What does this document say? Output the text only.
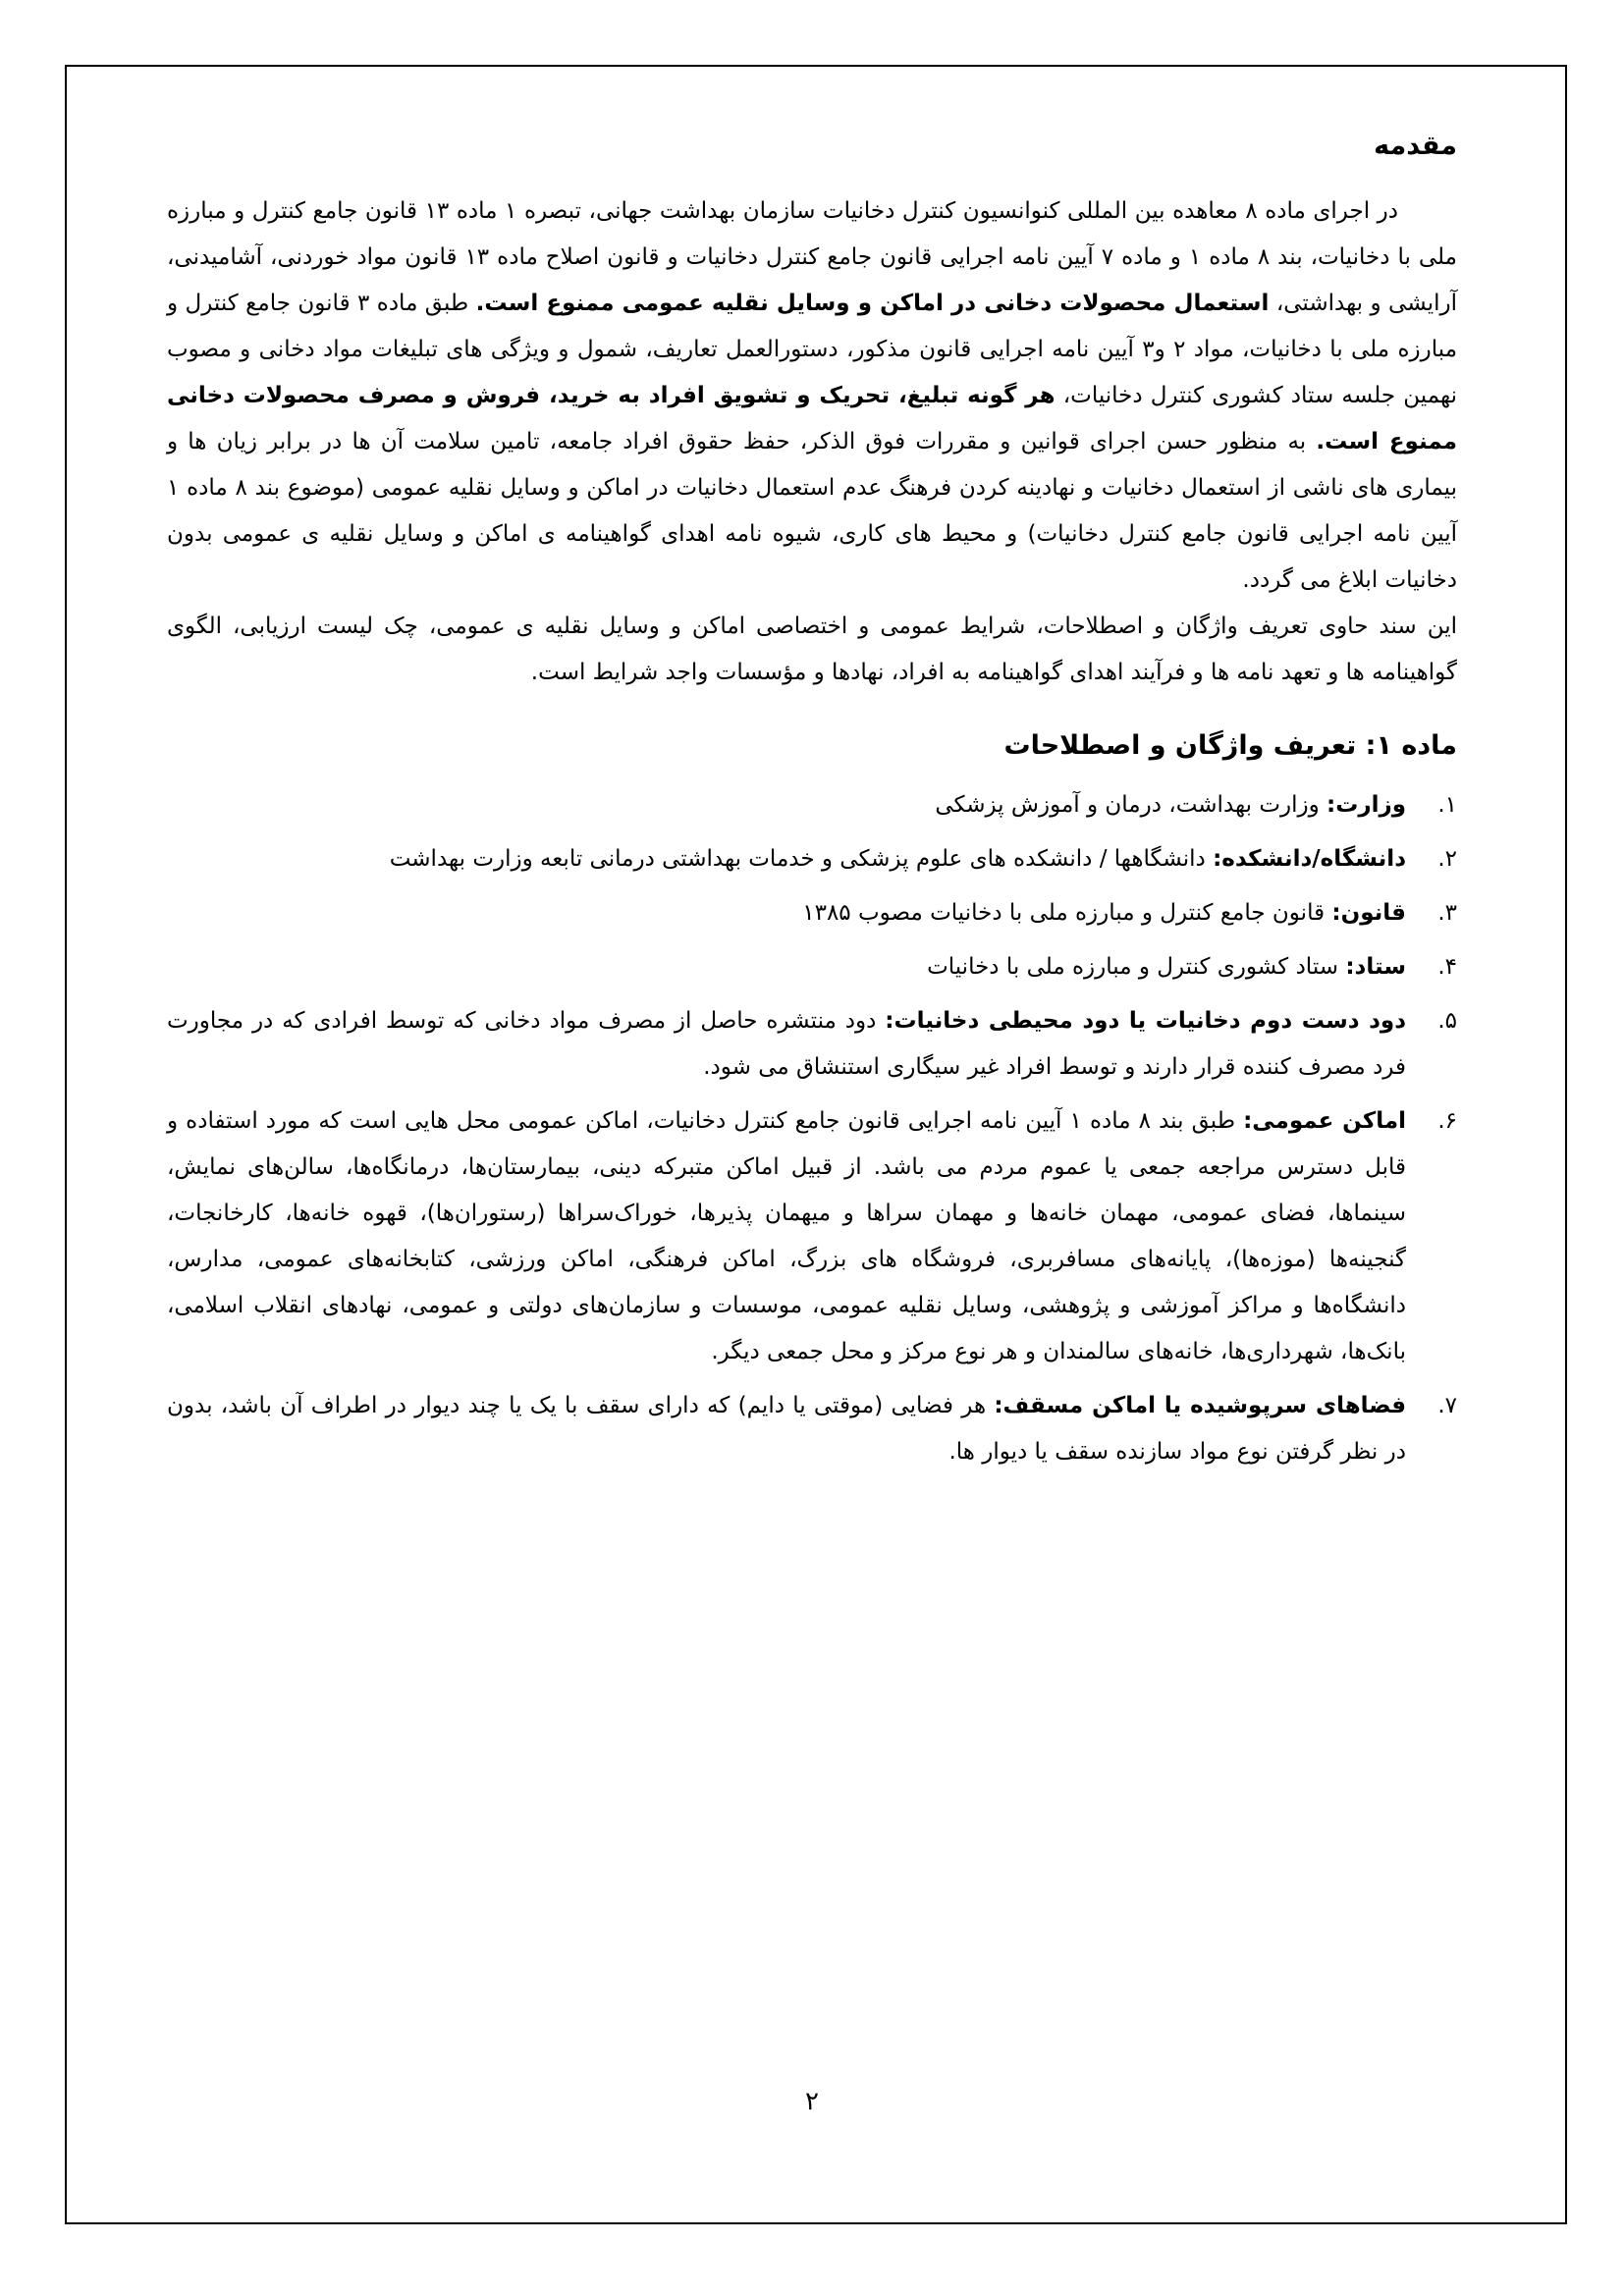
مقدمه

در اجرای ماده ۸ معاهده بین المللی کنوانسیون کنترل دخانیات سازمان بهداشت جهانی، تبصره ۱ ماده ۱۳ قانون جامع کنترل و مبارزه ملی با دخانیات، بند ۸ ماده ۱ و ماده ۷ آیین نامه اجرایی قانون جامع کنترل دخانیات و قانون اصلاح ماده ۱۳ قانون مواد خوردنی، آشامیدنی، آرایشی و بهداشتی، استعمال محصولات دخانی در اماکن و وسایل نقلیه عمومی ممنوع است. طبق ماده ۳ قانون جامع کنترل و مبارزه ملی با دخانیات، مواد ۲ و۳ آیین نامه اجرایی قانون مذکور، دستورالعمل تعاریف، شمول و ویژگی های تبلیغات مواد دخانی و مصوب نهمین جلسه ستاد کشوری کنترل دخانیات، هر گونه تبلیغ، تحریک و تشویق افراد به خرید، فروش و مصرف محصولات دخانی ممنوع است. به منظور حسن اجرای قوانین و مقررات فوق الذکر، حفظ حقوق افراد جامعه، تامین سلامت آن ها در برابر زیان ها و بیماری های ناشی از استعمال دخانیات و نهادینه کردن فرهنگ عدم استعمال دخانیات در اماکن و وسایل نقلیه عمومی (موضوع بند ۸ ماده ۱ آیین نامه اجرایی قانون جامع کنترل دخانیات) و محیط های کاری، شیوه نامه اهدای گواهینامه ی اماکن و وسایل نقلیه ی عمومی بدون دخانیات ابلاغ می گردد.

این سند حاوی تعریف واژگان و اصطلاحات، شرایط عمومی و اختصاصی اماکن و وسایل نقلیه ی عمومی، چک لیست ارزیابی، الگوی گواهینامه ها و تعهد نامه ها و فرآیند اهدای گواهینامه به افراد، نهادها و مؤسسات واجد شرایط است.

ماده ۱: تعریف واژگان و اصطلاحات
۱.
وزارت: وزارت بهداشت، درمان و آموزش پزشکی
۲.
دانشگاه/دانشکده: دانشگاهها / دانشکده های علوم پزشکی و خدمات بهداشتی درمانی تابعه وزارت بهداشت
۳.
قانون: قانون جامع کنترل و مبارزه ملی با دخانیات مصوب ۱۳۸۵
۴.
ستاد: ستاد کشوری کنترل و مبارزه ملی با دخانیات
۵.
دود دست دوم دخانیات یا دود محیطی دخانیات: دود منتشره حاصل از مصرف مواد دخانی که توسط افرادی که در مجاورت فرد مصرف کننده قرار دارند و توسط افراد غیر سیگاری استنشاق می شود.
۶.
اماکن عمومی: طبق بند ۸ ماده ۱ آیین نامه اجرایی قانون جامع کنترل دخانیات، اماکن عمومی محل هایی است که مورد استفاده و قابل دسترس مراجعه جمعی یا عموم مردم می باشد. از قبیل اماکن متبرکه دینی، بیمارستان‌ها، درمانگاه‌ها، سالن‌های نمایش، سینماها، فضای عمومی، مهمان خانه‌ها و مهمان سراها و میهمان پذیرها، خوراک‌سراها (رستوران‌ها)، قهوه خانه‌ها، کارخانجات، گنجینه‌ها (موزه‌ها)، پایانه‌های مسافربری، فروشگاه های بزرگ، اماکن فرهنگی، اماکن ورزشی، کتابخانه‌های عمومی، مدارس، دانشگاه‌ها و مراکز آموزشی و پژوهشی، وسایل نقلیه عمومی، موسسات و سازمان‌های دولتی و عمومی، نهادهای انقلاب اسلامی، بانک‌ها، شهرداری‌ها، خانه‌های سالمندان و هر نوع مرکز و محل جمعی دیگر.
۷.
فضاهای سرپوشیده یا اماکن مسقف: هر فضایی (موقتی یا دایم) که دارای سقف با یک یا چند دیوار در اطراف آن باشد، بدون در نظر گرفتن نوع مواد سازنده سقف یا دیوار ها.
۲
